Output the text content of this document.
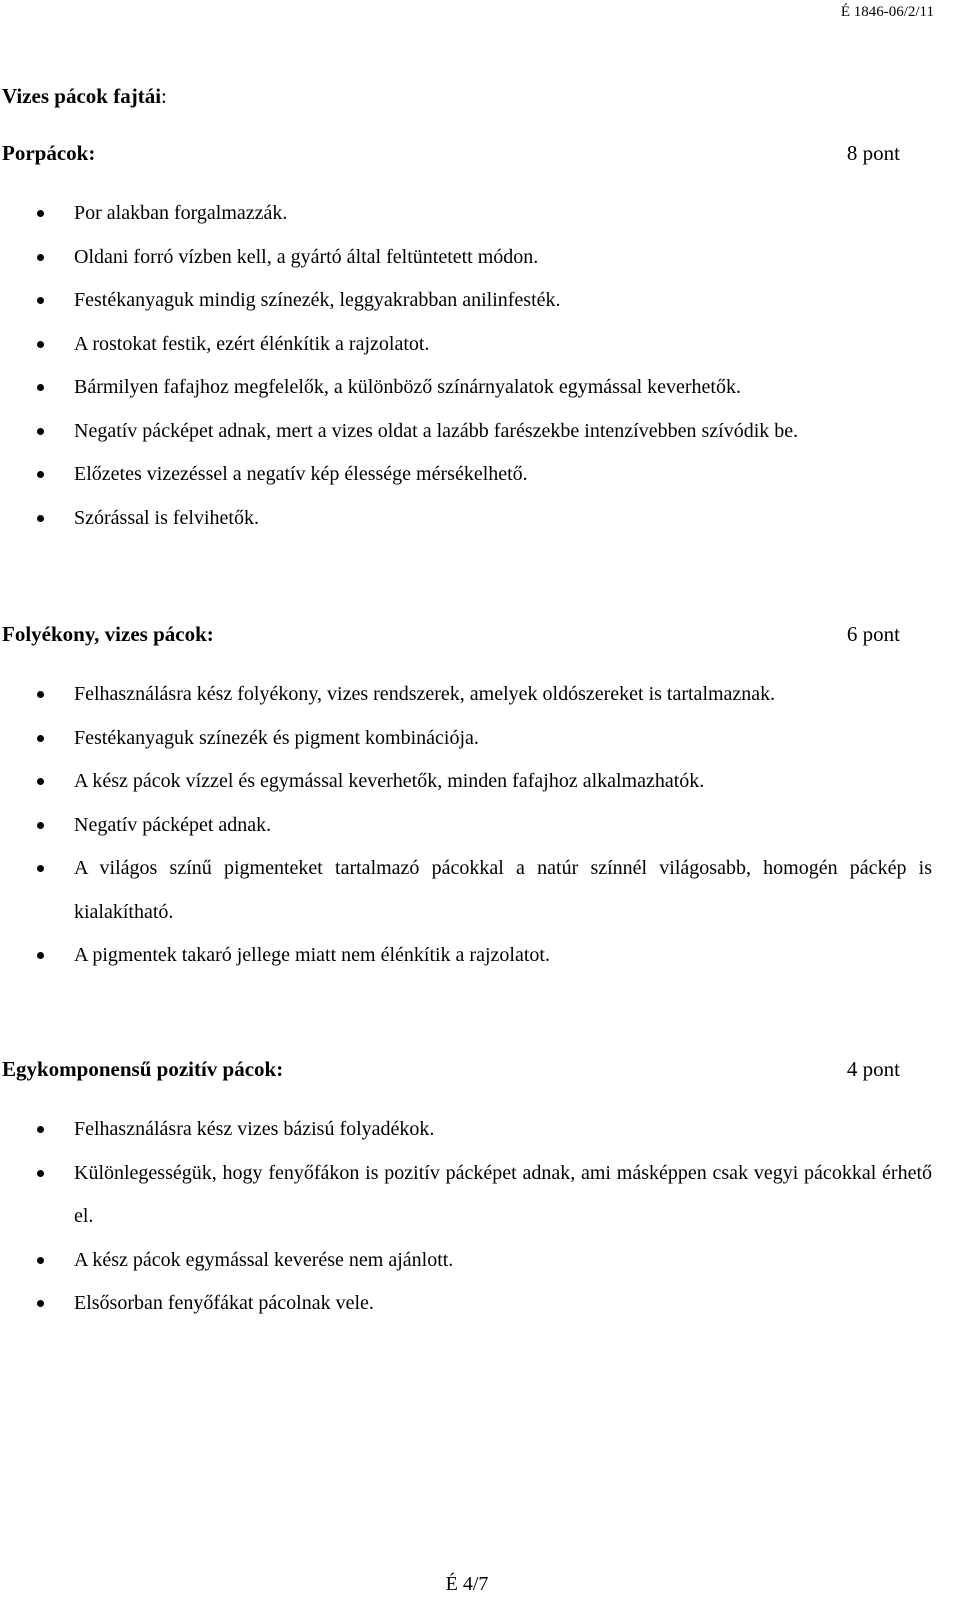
É 1846-06/2/11
Vizes pácok fajtái:
Porpácok:	8 pont
Por alakban forgalmazzák.
Oldani forró vízben kell, a gyártó által feltüntetett módon.
Festékanyaguk mindig színezék, leggyakrabban anilinfesték.
A rostokat festik, ezért élénkítik a rajzolatot.
Bármilyen fafajhoz megfelelők, a különböző színárnyalatok egymással keverhetők.
Negatív pácképet adnak, mert a vizes oldat a lazább farészekbe intenzívebben szívódik be.
Előzetes vizezéssel a negatív kép élessége mérsékelhető.
Szórással is felvihetők.
Folyékony, vizes pácok:	6 pont
Felhasználásra kész folyékony, vizes rendszerek, amelyek oldószereket is tartalmaznak.
Festékanyaguk színezék és pigment kombinációja.
A kész pácok vízzel és egymással keverhetők, minden fafajhoz alkalmazhatók.
Negatív pácképet adnak.
A világos színű pigmenteket tartalmazó pácokkal a natúr színnél világosabb, homogén páckép is kialakítható.
A pigmentek takaró jellege miatt nem élénkítik a rajzolatot.
Egykomponensű pozitív pácok:	4 pont
Felhasználásra kész vizes bázisú folyadékok.
Különlegességük, hogy fenyőfákon is pozitív pácképet adnak, ami másképpen csak vegyi pácokkal érhető el.
A kész pácok egymással keverése nem ajánlott.
Elsősorban fenyőfákat pácolnak vele.
É 4/7
